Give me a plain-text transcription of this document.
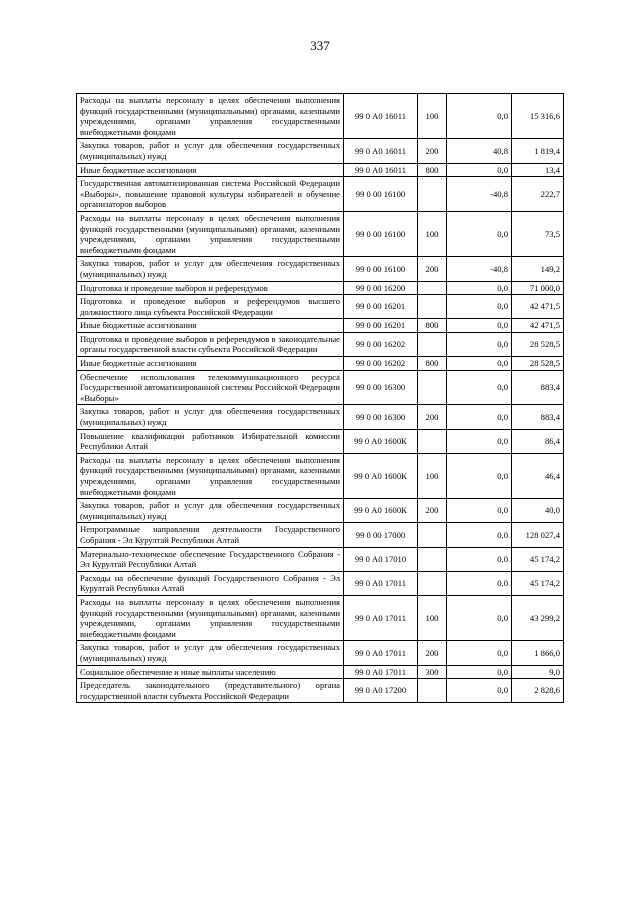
337
Расходы на выплаты персоналу в целях обеспечения выполнения функций государственными (муниципальными) органами, казенными учреждениями, органами управления государственными внебюджетными фондами	99 0 А0 16011	100	0,0	15 316,6
Закупка товаров, работ и услуг для обеспечения государственных (муниципальных) нужд	99 0 А0 16011	200	40,8	1 819,4
Иные бюджетные ассигнования	99 0 А0 16011	800	0,0	13,4
Государственная автоматизированная система Российской Федерации «Выборы», повышение правовой культуры избирателей и обучение организаторов выборов	99 0 00 16100		-40,8	222,7
Расходы на выплаты персоналу в целях обеспечения выполнения функций государственными (муниципальными) органами, казенными учреждениями, органами управления государственными внебюджетными фондами	99 0 00 16100	100	0,0	73,5
Закупка товаров, работ и услуг для обеспечения государственных (муниципальных) нужд	99 0 00 16100	200	-40,8	149,2
Подготовка и проведение выборов и референдумов	99 0 00 16200		0,0	71 000,0
Подготовка и проведение выборов и референдумов высшего должностного лица субъекта Российской Федерации	99 0 00 16201		0,0	42 471,5
Иные бюджетные ассигнования	99 0 00 16201	800	0,0	42 471,5
Подготовка и проведение выборов и референдумов в законодательные органы государственной власти субъекта Российской Федерации	99 0 00 16202		0,0	28 528,5
Иные бюджетные ассигнования	99 0 00 16202	800	0,0	28 528,5
Обеспечение использования телекоммуникационного ресурса Государственной автоматизированной системы Российской Федерации «Выборы»	99 0 00 16300		0,0	883,4
Закупка товаров, работ и услуг для обеспечения государственных (муниципальных) нужд	99 0 00 16300	200	0,0	883,4
Повышение квалификации работников Избирательной комиссии Республики Алтай	99 0 А0 1600К		0,0	86,4
Расходы на выплаты персоналу в целях обеспечения выполнения функций государственными (муниципальными) органами, казенными учреждениями, органами управления государственными внебюджетными фондами	99 0 А0 1600К	100	0,0	46,4
Закупка товаров, работ и услуг для обеспечения государственных (муниципальных) нужд	99 0 А0 1600К	200	0,0	40,0
Непрограммные направления деятельности Государственного Собрания - Эл Курултай Республики Алтай	99 0 00 17000		0,0	128 027,4
Материально-техническое обеспечение Государственного Собрания - Эл Курултай Республики Алтай	99 0 А0 17010		0,0	45 174,2
Расходы на обеспечение функций Государственного Собрания - Эл Курултай Республики Алтай	99 0 А0 17011		0,0	45 174,2
Расходы на выплаты персоналу в целях обеспечения выполнения функций государственными (муниципальными) органами, казенными учреждениями, органами управления государственными внебюджетными фондами	99 0 А0 17011	100	0,0	43 299,2
Закупка товаров, работ и услуг для обеспечения государственных (муниципальных) нужд	99 0 А0 17011	200	0,0	1 866,0
Социальное обеспечение и иные выплаты населению	99 0 А0 17011	300	0,0	9,0
Председатель законодательного (представительного) органа государственной власти субъекта Российской Федерации	99 0 А0 17200		0,0	2 828,6
